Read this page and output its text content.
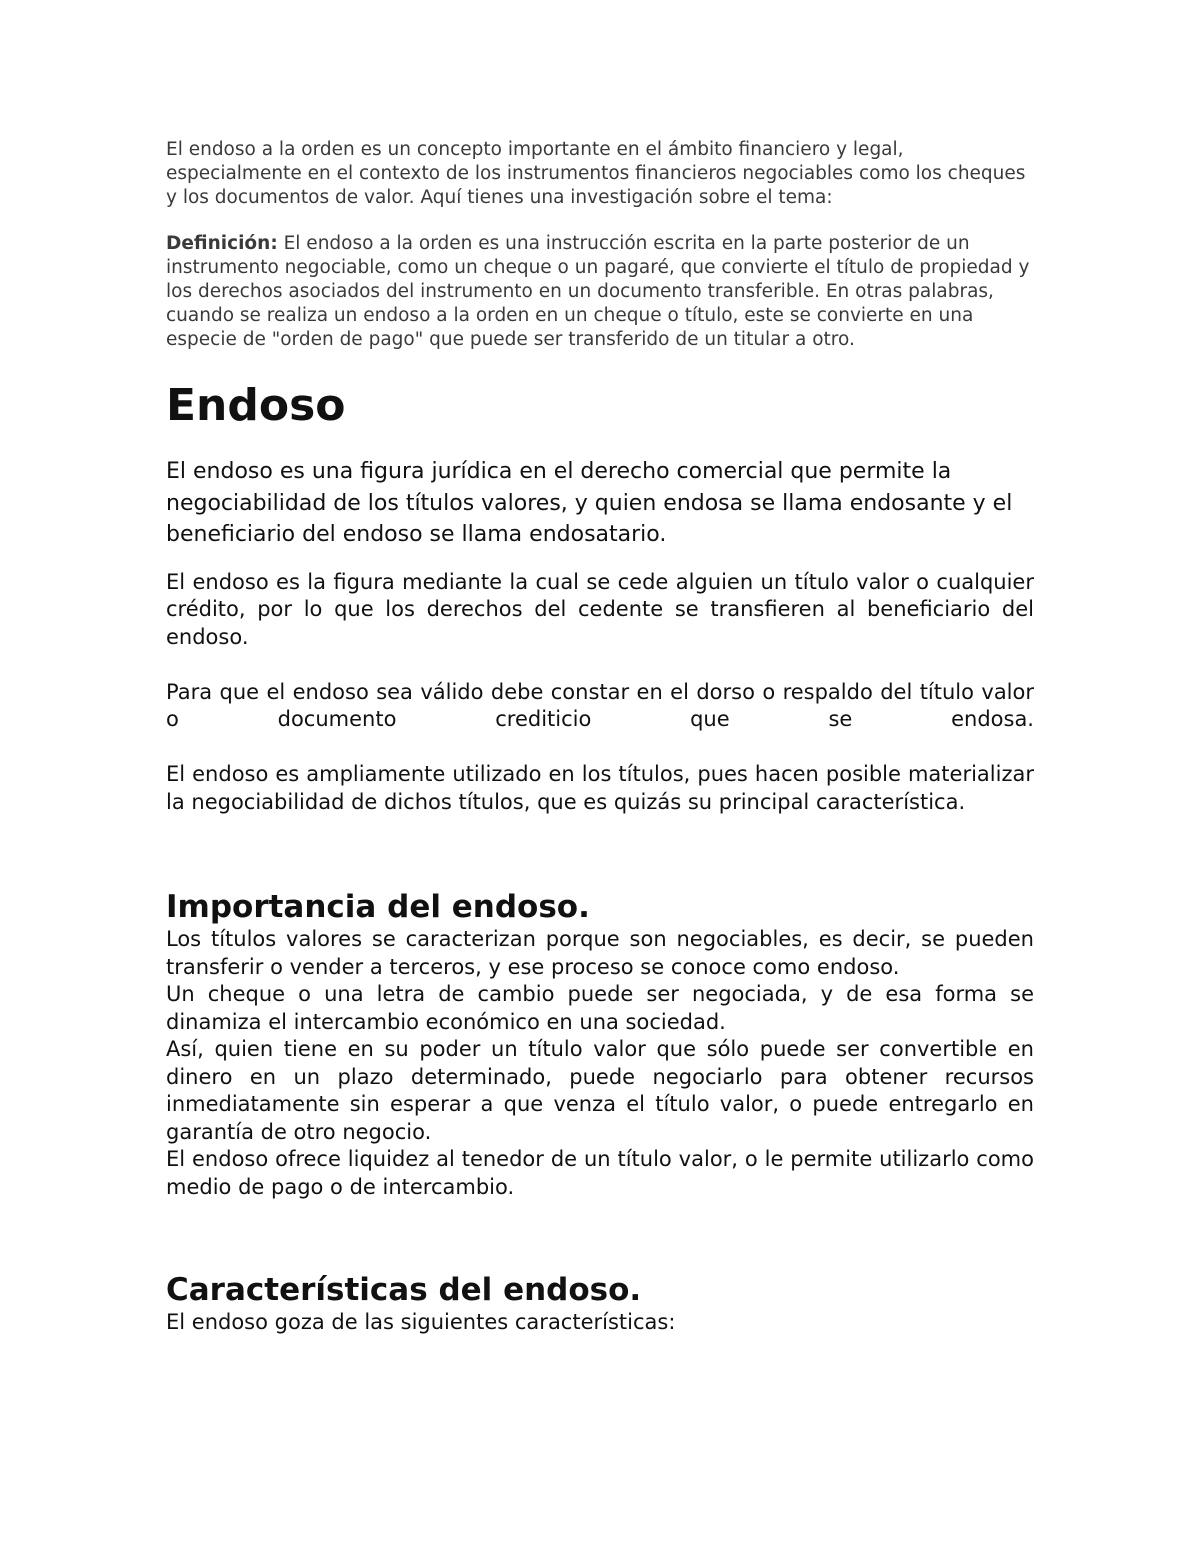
El endoso a la orden es un concepto importante en el ámbito financiero y legal, especialmente en el contexto de los instrumentos financieros negociables como los cheques y los documentos de valor. Aquí tienes una investigación sobre el tema:

Definición: El endoso a la orden es una instrucción escrita en la parte posterior de un instrumento negociable, como un cheque o un pagaré, que convierte el título de propiedad y los derechos asociados del instrumento en un documento transferible. En otras palabras, cuando se realiza un endoso a la orden en un cheque o título, este se convierte en una especie de "orden de pago" que puede ser transferido de un titular a otro.

Endoso

El endoso es una figura jurídica en el derecho comercial que permite la negociabilidad de los títulos valores, y quien endosa se llama endosante y el beneficiario del endoso se llama endosatario.

El endoso es la figura mediante la cual se cede alguien un título valor o cualquier crédito, por lo que los derechos del cedente se transfieren al beneficiario del endoso.

Para que el endoso sea válido debe constar en el dorso o respaldo del título valor o documento crediticio que se endosa.

El endoso es ampliamente utilizado en los títulos, pues hacen posible materializar la negociabilidad de dichos títulos, que es quizás su principal característica.

Importancia del endoso.

Los títulos valores se caracterizan porque son negociables, es decir, se pueden transferir o vender a terceros, y ese proceso se conoce como endoso.

Un cheque o una letra de cambio puede ser negociada, y de esa forma se dinamiza el intercambio económico en una sociedad.

Así, quien tiene en su poder un título valor que sólo puede ser convertible en dinero en un plazo determinado, puede negociarlo para obtener recursos inmediatamente sin esperar a que venza el título valor, o puede entregarlo en garantía de otro negocio.

El endoso ofrece liquidez al tenedor de un título valor, o le permite utilizarlo como medio de pago o de intercambio.

Características del endoso.

El endoso goza de las siguientes características:
